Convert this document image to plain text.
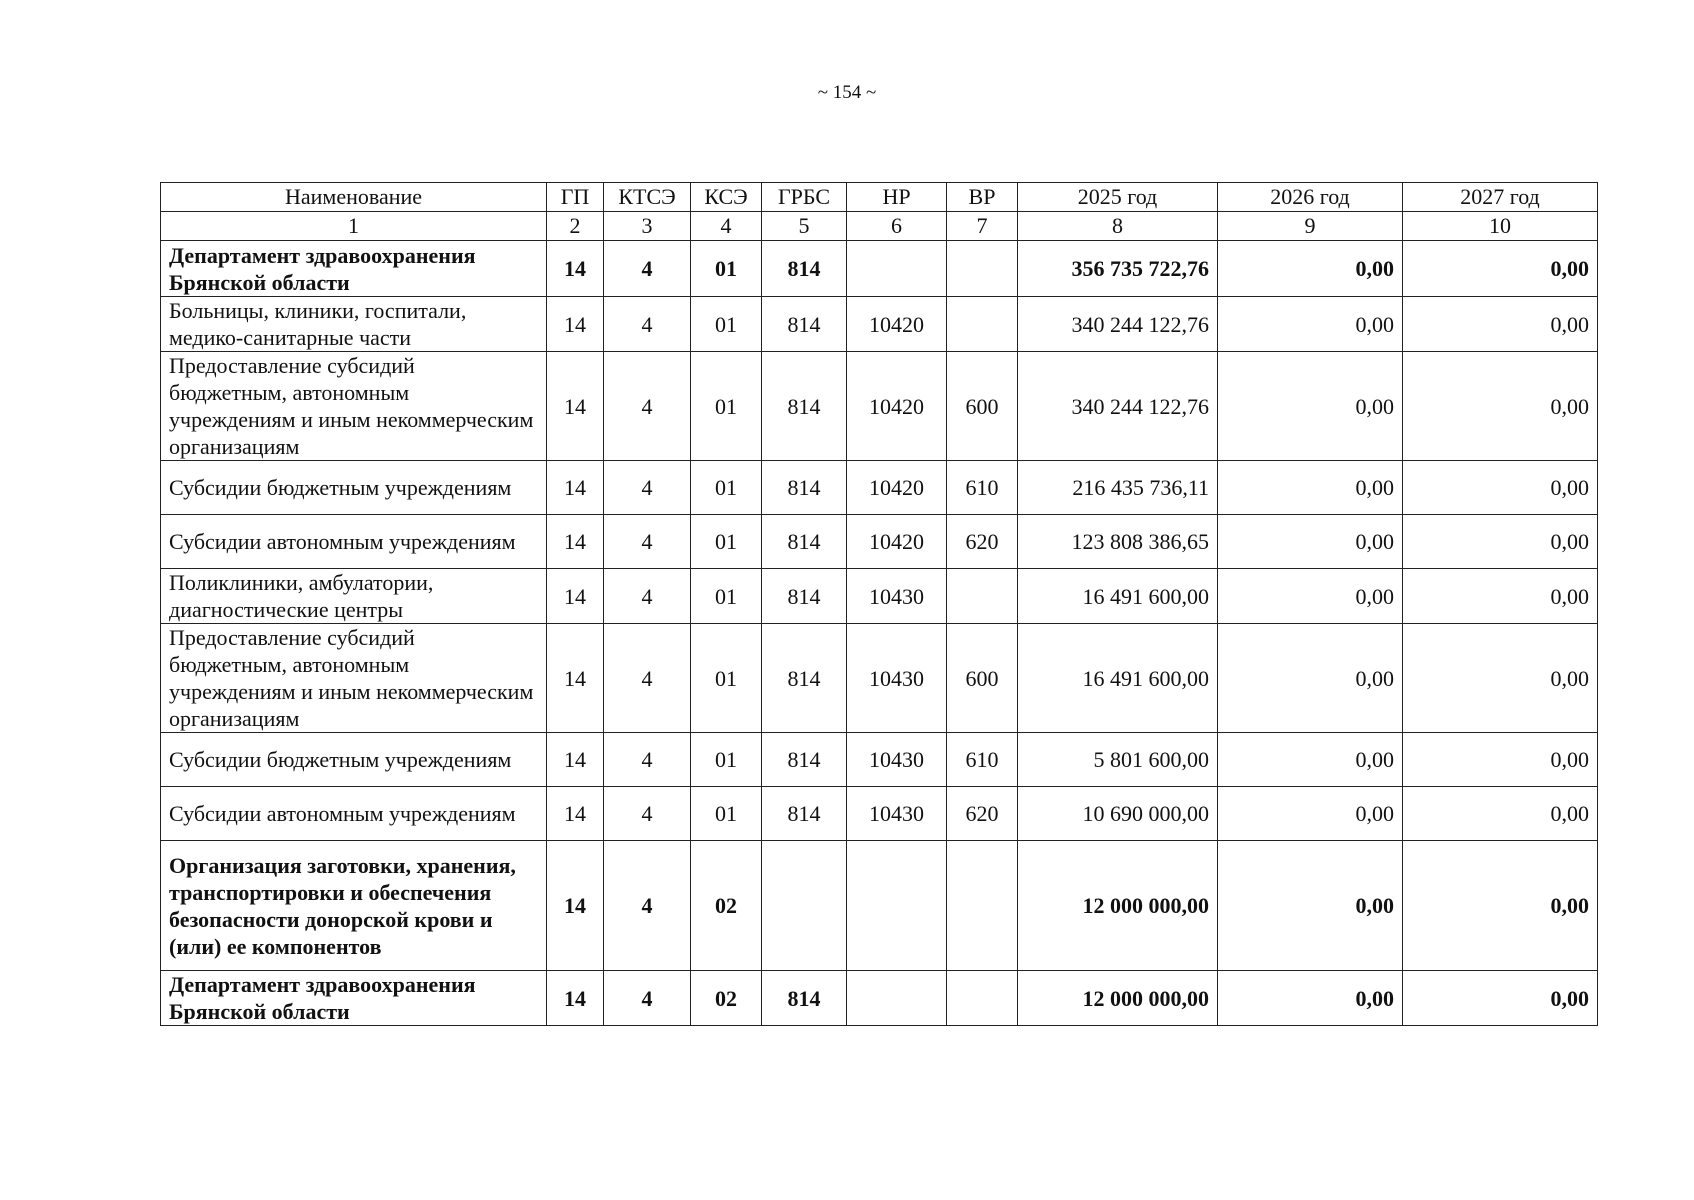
~ 154 ~
Наименование	ГП	КТСЭ	КСЭ	ГРБС	НР	ВР	2025 год	2026 год	2027 год
1	2	3	4	5	6	7	8	9	10
Департамент здравоохранения Брянской области	14	4	01	814			356 735 722,76	0,00	0,00
Больницы, клиники, госпитали, медико-санитарные части	14	4	01	814	10420		340 244 122,76	0,00	0,00
Предоставление субсидий бюджетным, автономным учреждениям и иным некоммерческим организациям	14	4	01	814	10420	600	340 244 122,76	0,00	0,00
Субсидии бюджетным учреждениям	14	4	01	814	10420	610	216 435 736,11	0,00	0,00
Субсидии автономным учреждениям	14	4	01	814	10420	620	123 808 386,65	0,00	0,00
Поликлиники, амбулатории, диагностические центры	14	4	01	814	10430		16 491 600,00	0,00	0,00
Предоставление субсидий бюджетным, автономным учреждениям и иным некоммерческим организациям	14	4	01	814	10430	600	16 491 600,00	0,00	0,00
Субсидии бюджетным учреждениям	14	4	01	814	10430	610	5 801 600,00	0,00	0,00
Субсидии автономным учреждениям	14	4	01	814	10430	620	10 690 000,00	0,00	0,00
Организация заготовки, хранения, транспортировки и обеспечения безопасности донорской крови и (или) ее компонентов	14	4	02				12 000 000,00	0,00	0,00
Департамент здравоохранения Брянской области	14	4	02	814			12 000 000,00	0,00	0,00
